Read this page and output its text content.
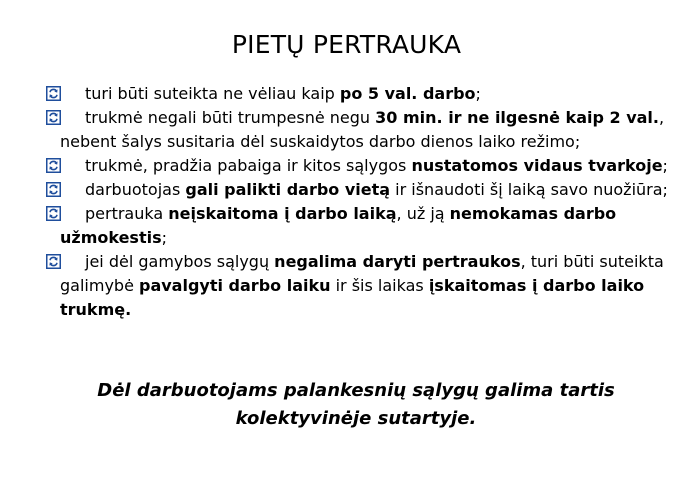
PIETŲ PERTRAUKA
turi būti suteikta ne vėliau kaip po 5 val. darbo;
trukmė negali būti trumpesnė negu 30 min. ir ne ilgesnė kaip 2 val., nebent šalys susitaria dėl suskaidytos darbo dienos laiko režimo;
trukmė, pradžia pabaiga ir kitos sąlygos nustatomos vidaus tvarkoje;
darbuotojas gali palikti darbo vietą ir išnaudoti šį laiką savo nuožiūra;
pertrauka neįskaitoma į darbo laiką, už ją nemokamas darbo užmokestis;
jei dėl gamybos sąlygų negalima daryti pertraukos, turi būti suteikta galimybė pavalgyti darbo laiku ir šis laikas įskaitomas į darbo laiko trukmę.
Dėl darbuotojams palankesnių sąlygų galima tartis kolektyvinėje sutartyje.
